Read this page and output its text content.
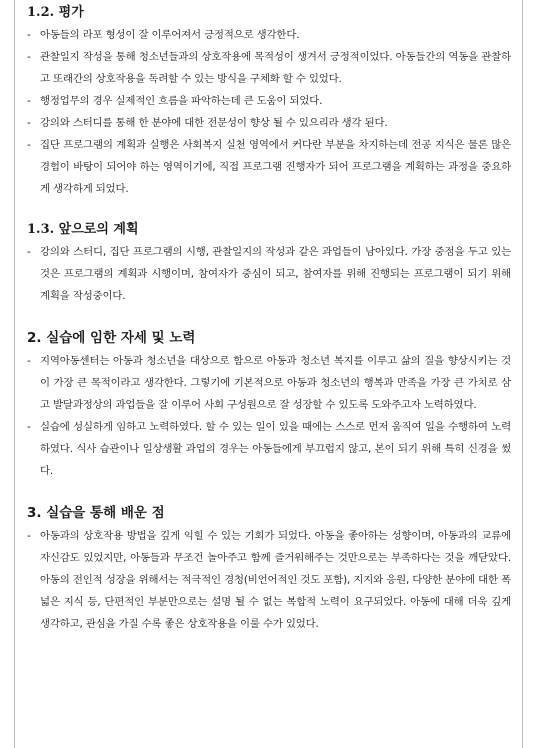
1.2. 평가
- 아동들의 라포 형성이 잘 이루어져서 긍정적으로 생각한다.
- 관찰일지 작성을 통해 청소년들과의 상호작용에 목적성이 생겨서 긍정적이었다. 아동들간의 역동을 관찰하고 또래간의 상호작용을 독려할 수 있는 방식을 구체화 할 수 있었다.
- 행정업무의 경우 실제적인 흐름을 파악하는데 큰 도움이 되었다.
- 강의와 스터디를 통해 한 분야에 대한 전문성이 향상 될 수 있으리라 생각 된다.
- 집단 프로그램의 계획과 실행은 사회복지 실천 영역에서 커다란 부분을 차지하는데 전공 지식은 물론 많은 경험이 바탕이 되어야 하는 영역이기에, 직접 프로그램 진행자가 되어 프로그램을 계획하는 과정을 중요하게 생각하게 되었다.
1.3. 앞으로의 계획
- 강의와 스터디, 집단 프로그램의 시행, 관찰일지의 작성과 같은 과업들이 남아있다. 가장 중점을 두고 있는 것은 프로그램의 계획과 시행이며, 참여자가 중심이 되고, 참여자를 위해 진행되는 프로그램이 되기 위해 계획을 작성중이다.
2. 실습에 임한 자세 및 노력
- 지역아동센터는 아동과 청소년을 대상으로 함으로 아동과 청소년 복지를 이루고 삶의 질을 향상시키는 것이 가장 큰 목적이라고 생각한다. 그렇기에 기본적으로 아동과 청소년의 행복과 만족을 가장 큰 가치로 삼고 발달과정상의 과업들을 잘 이루어 사회 구성원으로 잘 성장할 수 있도록 도와주고자 노력하였다.
- 실습에 성실하게 임하고 노력하였다. 할 수 있는 일이 있을 때에는 스스로 먼저 움직여 일을 수행하여 노력하였다. 식사 습관이나 일상생활 과업의 경우는 아동들에게 부끄럽지 않고, 본이 되기 위해 특히 신경을 썼다.
3. 실습을 통해 배운 점
- 아동과의 상호작용 방법을 깊게 익힐 수 있는 기회가 되었다. 아동을 좋아하는 성향이며, 아동과의 교류에 자신감도 있었지만, 아동들과 무조건 놀아주고 함께 즐거워해주는 것만으로는 부족하다는 것을 깨닫았다. 아동의 전인적 성장을 위해서는 적극적인 경청(비언어적인 것도 포함), 지지와 응원, 다양한 분야에 대한 폭넓은 지식 등, 단편적인 부분만으로는 설명 될 수 없는 복합적 노력이 요구되었다. 아동에 대해 더욱 깊게 생각하고, 관심을 가질 수록 좋은 상호작용을 이룰 수가 있었다.
